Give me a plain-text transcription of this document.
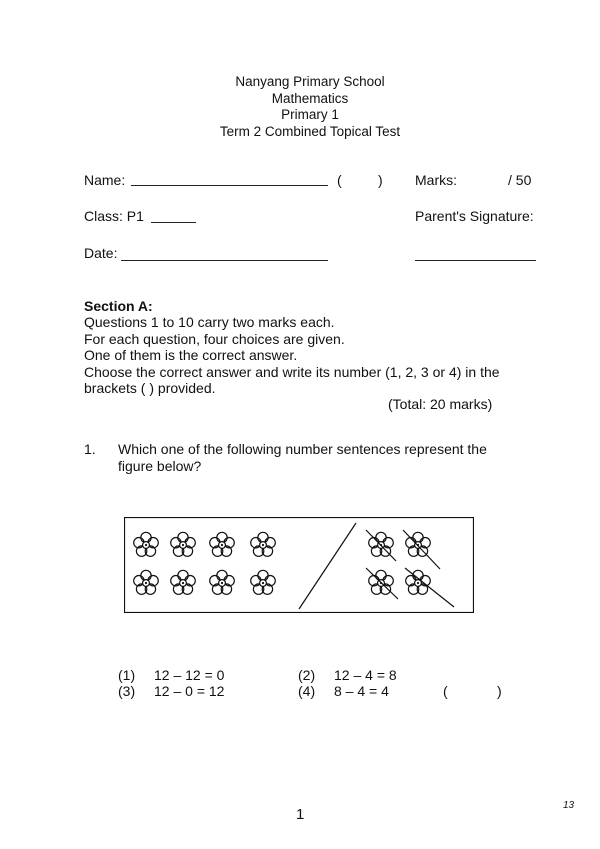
Nanyang Primary School
Mathematics
Primary 1
Term 2 Combined Topical Test
Name:	(	) Marks:	/ 50
Class: P1	Parent's Signature:
Date:
Section A:
Questions 1 to 10 carry two marks each.
For each question, four choices are given.
One of them is the correct answer.
Choose the correct answer and write its number (1, 2, 3 or 4) in the
brackets ( ) provided.
(Total: 20 marks)
1. Which one of the following number sentences represent the
figure below?
(1) 12 – 12 = 0	(2) 12 – 4 = 8
(3) 12 – 0 = 12	(4) 8 – 4 = 4	(	)
1
13
